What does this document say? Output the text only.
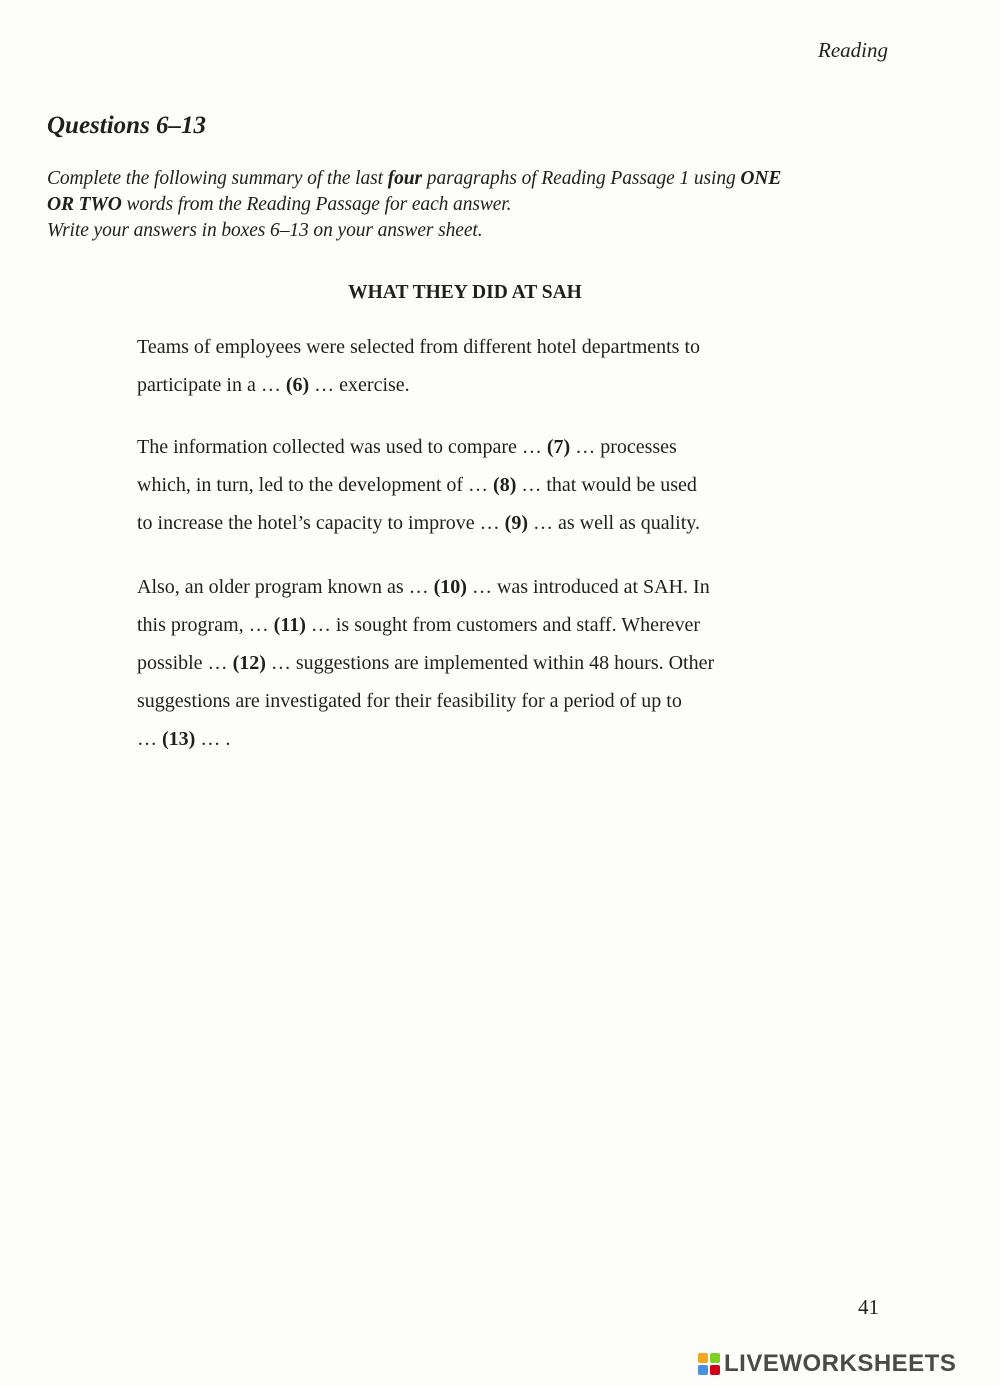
Reading
Questions 6–13
Complete the following summary of the last four paragraphs of Reading Passage 1 using ONE
OR TWO words from the Reading Passage for each answer.
Write your answers in boxes 6–13 on your answer sheet.
WHAT THEY DID AT SAH

Teams of employees were selected from different hotel departments to
participate in a … (6) … exercise.

The information collected was used to compare … (7) … processes
which, in turn, led to the development of … (8) … that would be used
to increase the hotel’s capacity to improve … (9) … as well as quality.

Also, an older program known as … (10) … was introduced at SAH. In
this program, … (11) … is sought from customers and staff. Wherever
possible … (12) … suggestions are implemented within 48 hours. Other
suggestions are investigated for their feasibility for a period of up to
… (13) … .

41
LIVEWORKSHEETS
